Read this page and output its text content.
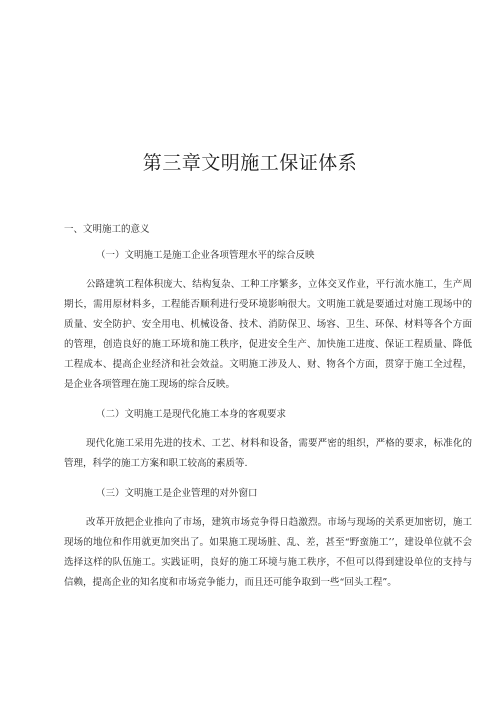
第三章文明施工保证体系

一、文明施工的意义

（一）文明施工是施工企业各项管理水平的综合反映

公路建筑工程体积庞大、结构复杂、工种工序繁多，立体交叉作业，平行流水施工，生产周期长，需用原材料多，工程能否顺利进行受环境影响很大。文明施工就是要通过对施工现场中的质量、安全防护、安全用电、机械设备、技术、消防保卫、场容、卫生、环保、材料等各个方面的管理，创造良好的施工环境和施工秩序，促进安全生产、加快施工进度、保证工程质量、降低工程成本、提高企业经济和社会效益。文明施工涉及人、财、物各个方面，贯穿于施工全过程，是企业各项管理在施工现场的综合反映。

（二）文明施工是现代化施工本身的客观要求

现代化施工采用先进的技术、工艺、材料和设备，需要严密的组织，严格的要求，标准化的管理，科学的施工方案和职工较高的素质等.

（三）文明施工是企业管理的对外窗口

改革开放把企业推向了市场，建筑市场竞争得日趋激烈。市场与现场的关系更加密切，施工现场的地位和作用就更加突出了。如果施工现场脏、乱、差，甚至“野蛮施工’’，建设单位就不会选择这样的队伍施工。实践证明，良好的施工环境与施工秩序，不但可以得到建设单位的支持与信赖，提高企业的知名度和市场竞争能力，而且还可能争取到一些“回头工程”。
